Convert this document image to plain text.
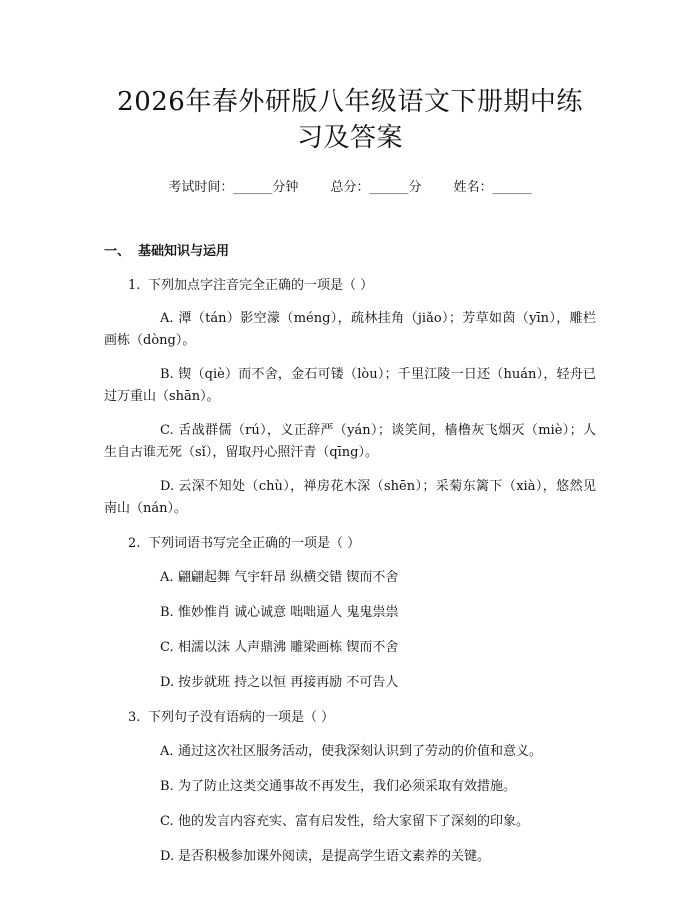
2026年春外研版八年级语文下册期中练习及答案
考试时间：______分钟 总分：______分 姓名：______
一、 基础知识与运用
1. 下列加点字注音完全正确的一项是（ ）
A. 潭（tán）影空濛（méng），疏林挂角（jiǎo）；芳草如茵（yīn），雕栏画栋（dòng）。
B. 锲（qiè）而不舍，金石可镂（lòu）；千里江陵一日还（huán），轻舟已过万重山（shān）。
C. 舌战群儒（rú），义正辞严（yán）；谈笑间，樯橹灰飞烟灭（miè）；人生自古谁无死（sǐ），留取丹心照汗青（qīng）。
D. 云深不知处（chù），禅房花木深（shēn）；采菊东篱下（xià），悠然见南山（nán）。
2. 下列词语书写完全正确的一项是（ ）
A. 翩翩起舞 气宇轩昂 纵横交错 锲而不舍
B. 惟妙惟肖 诚心诚意 咄咄逼人 鬼鬼祟祟
C. 相濡以沫 人声鼎沸 雕梁画栋 锲而不舍
D. 按步就班 持之以恒 再接再励 不可告人
3. 下列句子没有语病的一项是（ ）
A. 通过这次社区服务活动，使我深刻认识到了劳动的价值和意义。
B. 为了防止这类交通事故不再发生，我们必须采取有效措施。
C. 他的发言内容充实、富有启发性，给大家留下了深刻的印象。
D. 是否积极参加课外阅读，是提高学生语文素养的关键。
